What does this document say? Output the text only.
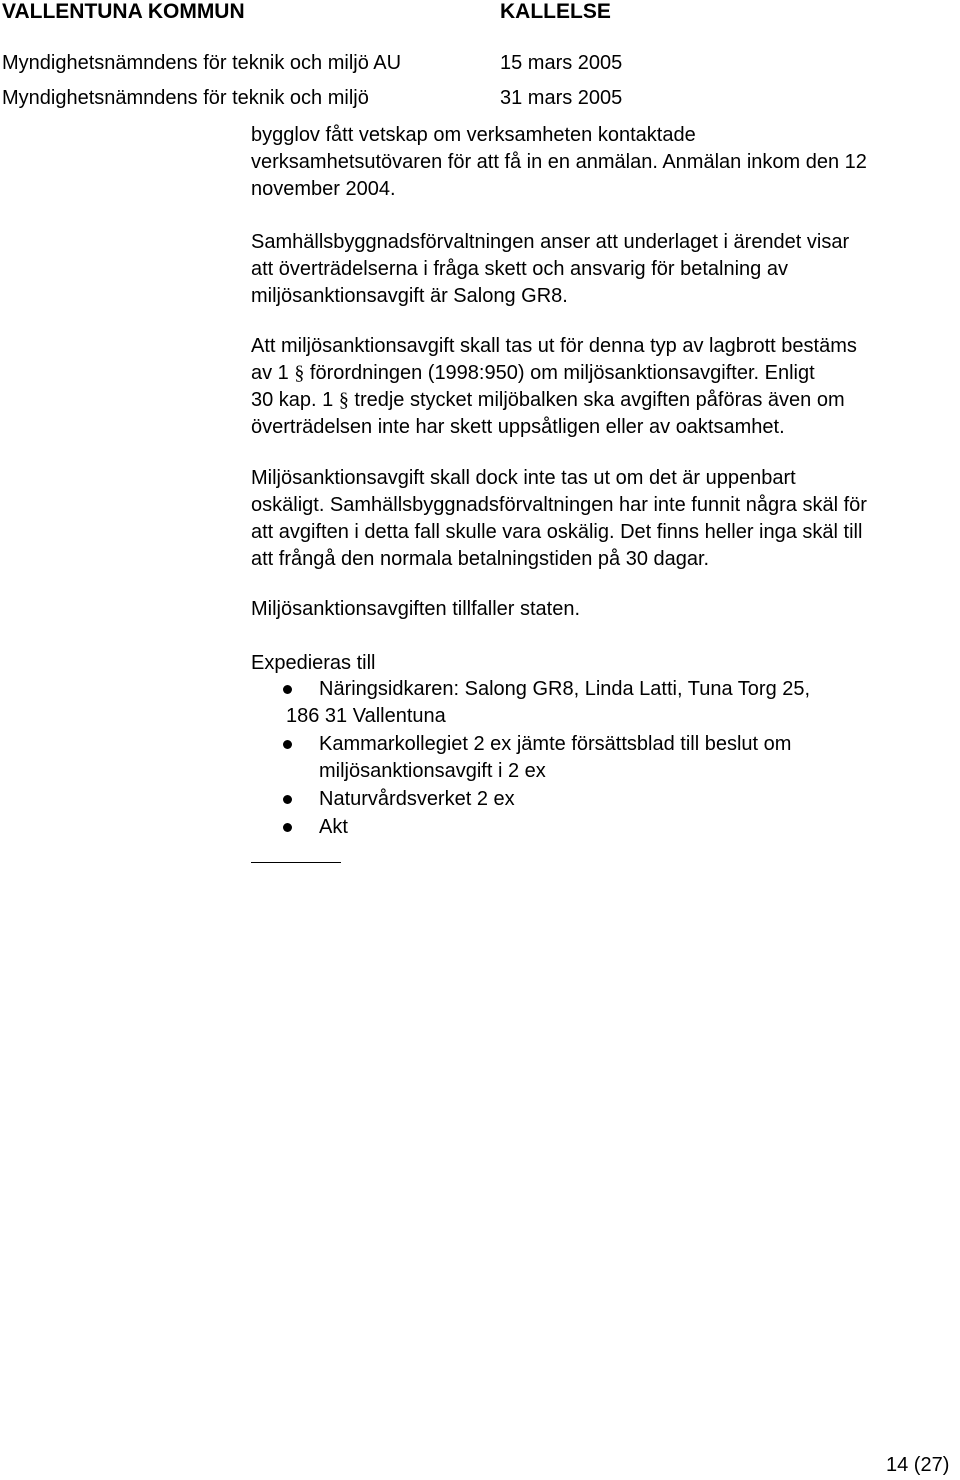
VALLENTUNA KOMMUN	KALLELSE
Myndighetsnämndens för teknik och miljö AU	15 mars 2005
Myndighetsnämndens för teknik och miljö	31 mars 2005
bygglov fått vetskap om verksamheten kontaktade
verksamhetsutövaren för att få in en anmälan. Anmälan inkom den 12
november 2004.
Samhällsbyggnadsförvaltningen anser att underlaget i ärendet visar
att överträdelserna i fråga skett och ansvarig för betalning av
miljösanktionsavgift är Salong GR8.
Att miljösanktionsavgift skall tas ut för denna typ av lagbrott bestäms
av 1 § förordningen (1998:950) om miljösanktionsavgifter. Enligt
30 kap. 1 § tredje stycket miljöbalken ska avgiften påföras även om
överträdelsen inte har skett uppsåtligen eller av oaktsamhet.
Miljösanktionsavgift skall dock inte tas ut om det är uppenbart
oskäligt. Samhällsbyggnadsförvaltningen har inte funnit några skäl för
att avgiften i detta fall skulle vara oskälig. Det finns heller inga skäl till
att frångå den normala betalningstiden på 30 dagar.
Miljösanktionsavgiften tillfaller staten.
Expedieras till
Näringsidkaren: Salong GR8, Linda Latti, Tuna Torg 25,
186 31 Vallentuna
Kammarkollegiet 2 ex jämte försättsblad till beslut om
miljösanktionsavgift i 2 ex
Naturvårdsverket 2 ex
Akt
14 (27)
